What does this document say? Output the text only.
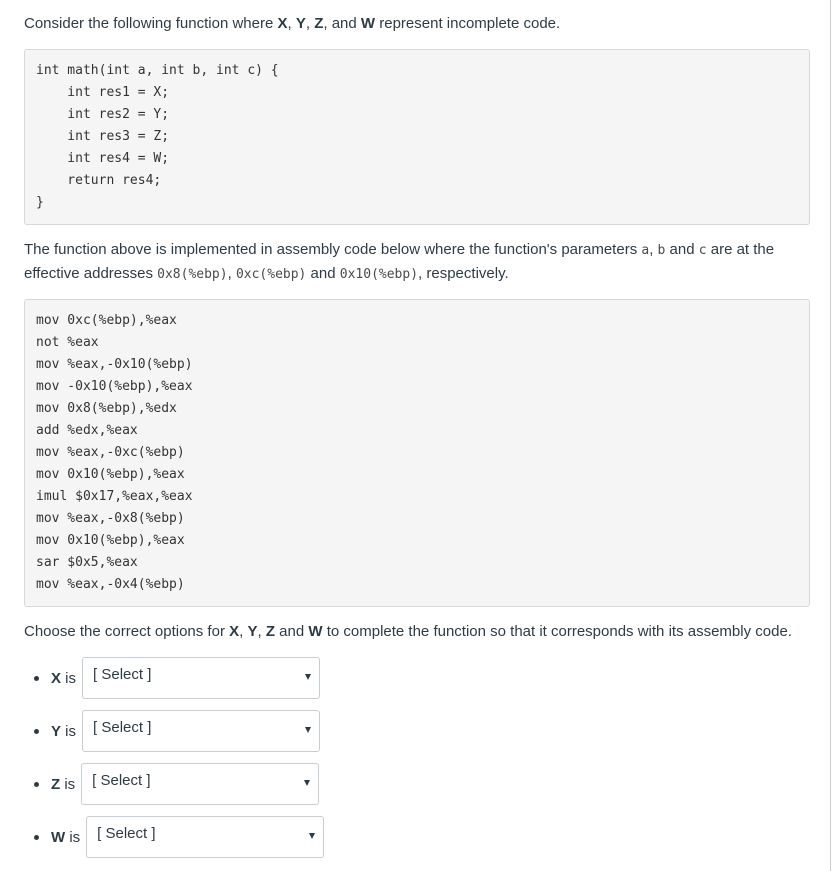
Consider the following function where X, Y, Z, and W represent incomplete code.

int math(int a, int b, int c) {
int res1 = X;
int res2 = Y;
int res3 = Z;
int res4 = W;
return res4;
}

The function above is implemented in assembly code below where the function's parameters a, b and c are at the effective addresses 0x8(%ebp), 0xc(%ebp) and 0x10(%ebp), respectively.

mov 0xc(%ebp),%eax
not %eax
mov %eax,-0x10(%ebp)
mov -0x10(%ebp),%eax
mov 0x8(%ebp),%edx
add %edx,%eax
mov %eax,-0xc(%ebp)
mov 0x10(%ebp),%eax
imul $0x17,%eax,%eax
mov %eax,-0x8(%ebp)
mov 0x10(%ebp),%eax
sar $0x5,%eax
mov %eax,-0x4(%ebp)

Choose the correct options for X, Y, Z and W to complete the function so that it corresponds with its assembly code.

X is [ Select ]
Y is [ Select ]
Z is [ Select ]
W is [ Select ]
